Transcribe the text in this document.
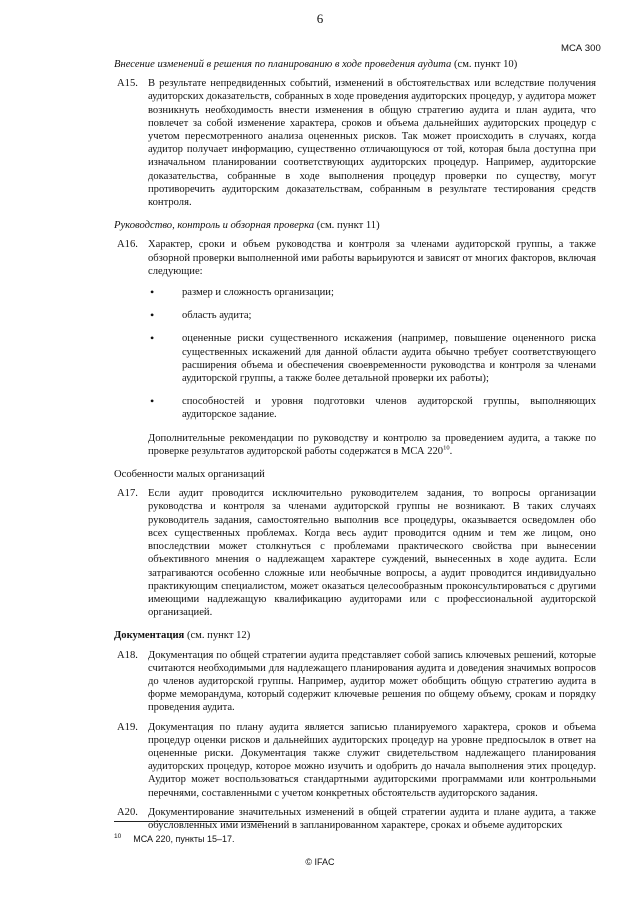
6
МСА 300
Внесение изменений в решения по планированию в ходе проведения аудита (см. пункт 10)
A15. В результате непредвиденных событий, изменений в обстоятельствах или вследствие получения аудиторских доказательств, собранных в ходе проведения аудиторских процедур, у аудитора может возникнуть необходимость внести изменения в общую стратегию аудита и план аудита, что повлечет за собой изменение характера, сроков и объема дальнейших аудиторских процедур с учетом пересмотренного анализа оцененных рисков. Так может происходить в случаях, когда аудитор получает информацию, существенно отличающуюся от той, которая была доступна при изначальном планировании соответствующих аудиторских процедур. Например, аудиторские доказательства, собранные в ходе выполнения процедур проверки по существу, могут противоречить аудиторским доказательствам, собранным в результате тестирования средств контроля.
Руководство, контроль и обзорная проверка (см. пункт 11)
A16. Характер, сроки и объем руководства и контроля за членами аудиторской группы, а также обзорной проверки выполненной ими работы варьируются и зависят от многих факторов, включая следующие:
•	размер и сложность организации;
•	область аудита;
•	оцененные риски существенного искажения (например, повышение оцененного риска существенных искажений для данной области аудита обычно требует соответствующего расширения объема и обеспечения своевременности руководства и контроля за членами аудиторской группы, а также более детальной проверки их работы);
•	способностей и уровня подготовки членов аудиторской группы, выполняющих аудиторское задание.
Дополнительные рекомендации по руководству и контролю за проведением аудита, а также по проверке результатов аудиторской работы содержатся в МСА $220^{10}$.
Особенности малых организаций
A17. Если аудит проводится исключительно руководителем задания, то вопросы организации руководства и контроля за членами аудиторской группы не возникают. В таких случаях руководитель задания, самостоятельно выполнив все процедуры, оказывается осведомлен обо всех существенных проблемах. Когда весь аудит проводится одним и тем же лицом, оно впоследствии может столкнуться с проблемами практического свойства при вынесении объективного мнения о надлежащем характере суждений, вынесенных в ходе аудита. Если затрагиваются особенно сложные или необычные вопросы, а аудит проводится индивидуально практикующим специалистом, может оказаться целесообразным проконсультироваться с другими имеющими надлежащую квалификацию аудиторами или с профессиональной аудиторской организацией.
Документация (см. пункт 12)
A18. Документация по общей стратегии аудита представляет собой запись ключевых решений, которые считаются необходимыми для надлежащего планирования аудита и доведения значимых вопросов до членов аудиторской группы. Например, аудитор может обобщить общую стратегию аудита в форме меморандума, который содержит ключевые решения по общему объему, срокам и порядку проведения аудита.
A19. Документация по плану аудита является записью планируемого характера, сроков и объема процедур оценки рисков и дальнейших аудиторских процедур на уровне предпосылок в ответ на оцененные риски. Документация также служит свидетельством надлежащего планирования аудиторских процедур, которое можно изучить и одобрить до начала выполнения этих процедур. Аудитор может воспользоваться стандартными аудиторскими программами или контрольными перечнями, составленными с учетом конкретных обстоятельств аудиторского задания.
A20. Документирование значительных изменений в общей стратегии аудита и плане аудита, а также обусловленных ими изменений в запланированном характере, сроках и объеме аудиторских
$^{10}$ МСА 220, пункты 15–17.
© IFAC
